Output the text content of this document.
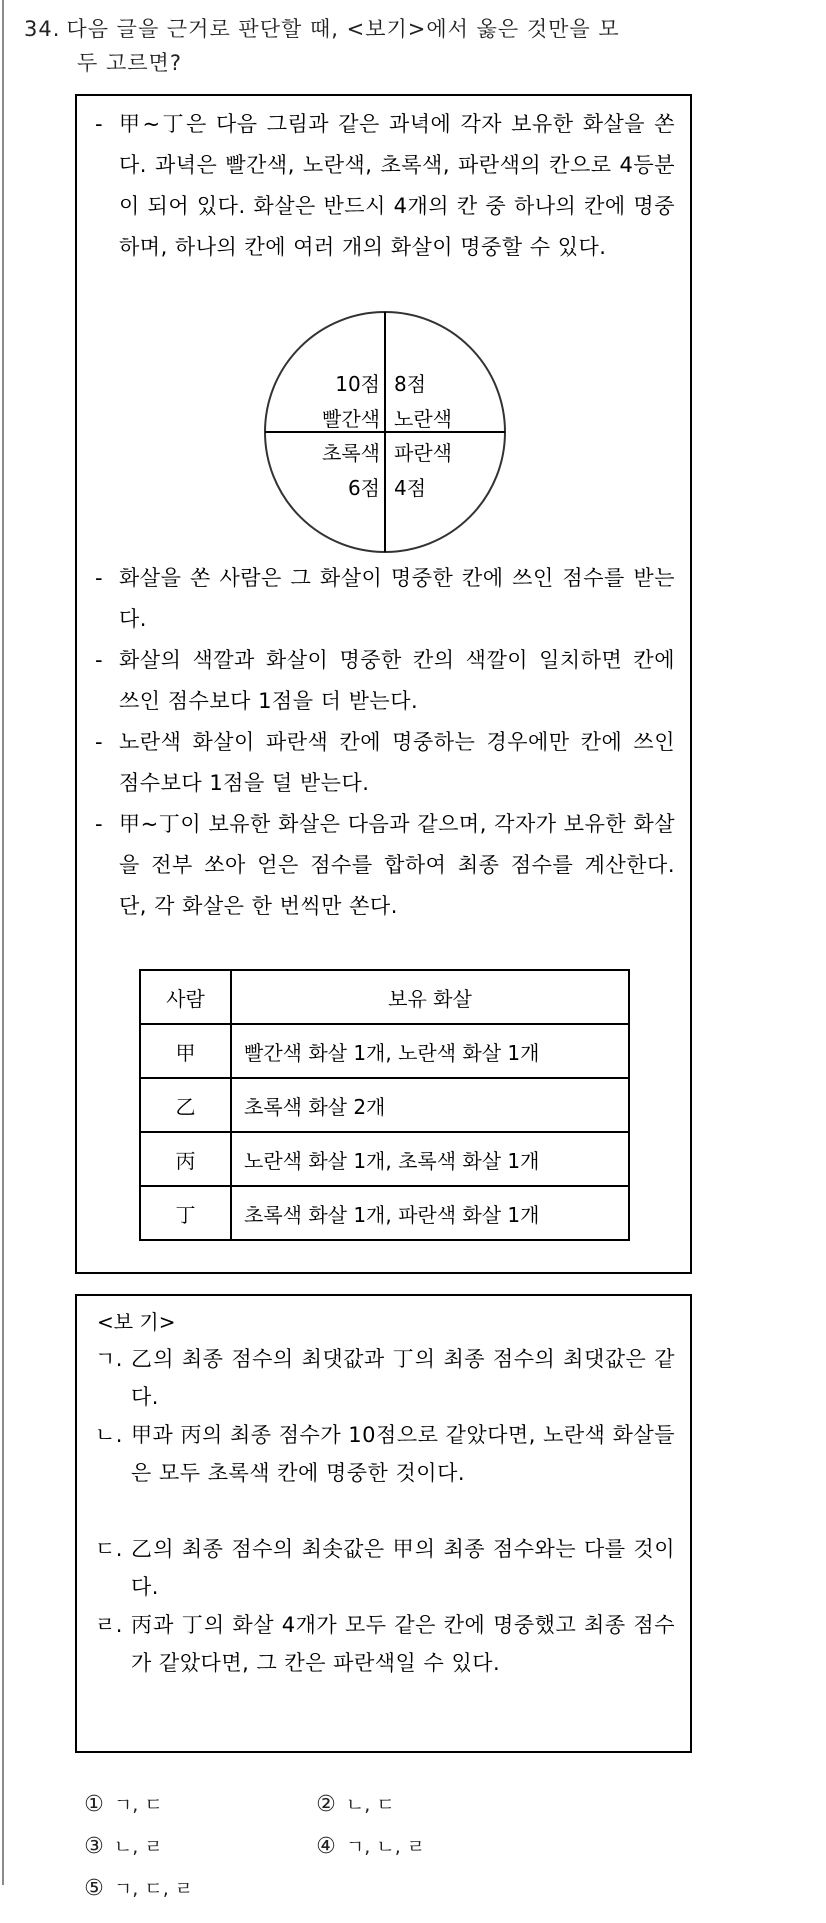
34. 다음 글을 근거로 판단할 때, <보기>에서 옳은 것만을 모
두 고르면?
- 甲~丁은 다음 그림과 같은 과녁에 각자 보유한 화살을 쏜다. 과녁은 빨간색, 노란색, 초록색, 파란색의 칸으로 4등분이 되어 있다. 화살은 반드시 4개의 칸 중 하나의 칸에 명중하며, 하나의 칸에 여러 개의 화살이 명중할 수 있다.
10점
빨간색
8점
노란색
초록색
6점
파란색
4점
- 화살을 쏜 사람은 그 화살이 명중한 칸에 쓰인 점수를 받는다.
- 화살의 색깔과 화살이 명중한 칸의 색깔이 일치하면 칸에 쓰인 점수보다 1점을 더 받는다.
- 노란색 화살이 파란색 칸에 명중하는 경우에만 칸에 쓰인 점수보다 1점을 덜 받는다.
- 甲~丁이 보유한 화살은 다음과 같으며, 각자가 보유한 화살을 전부 쏘아 얻은 점수를 합하여 최종 점수를 계산한다. 단, 각 화살은 한 번씩만 쏜다.
사람	보유 화살
甲	빨간색 화살 1개, 노란색 화살 1개
乙	초록색 화살 2개
丙	노란색 화살 1개, 초록색 화살 1개
丁	초록색 화살 1개, 파란색 화살 1개
<보 기>
ㄱ. 乙의 최종 점수의 최댓값과 丁의 최종 점수의 최댓값은 같다.
ㄴ. 甲과 丙의 최종 점수가 10점으로 같았다면, 노란색 화살들은 모두 초록색 칸에 명중한 것이다.
ㄷ. 乙의 최종 점수의 최솟값은 甲의 최종 점수와는 다를 것이다.
ㄹ. 丙과 丁의 화살 4개가 모두 같은 칸에 명중했고 최종 점수가 같았다면, 그 칸은 파란색일 수 있다.

① ㄱ, ㄷ
	② ㄴ, ㄷ

③ ㄴ, ㄹ
	④ ㄱ, ㄴ, ㄹ

⑤ ㄱ, ㄷ, ㄹ
